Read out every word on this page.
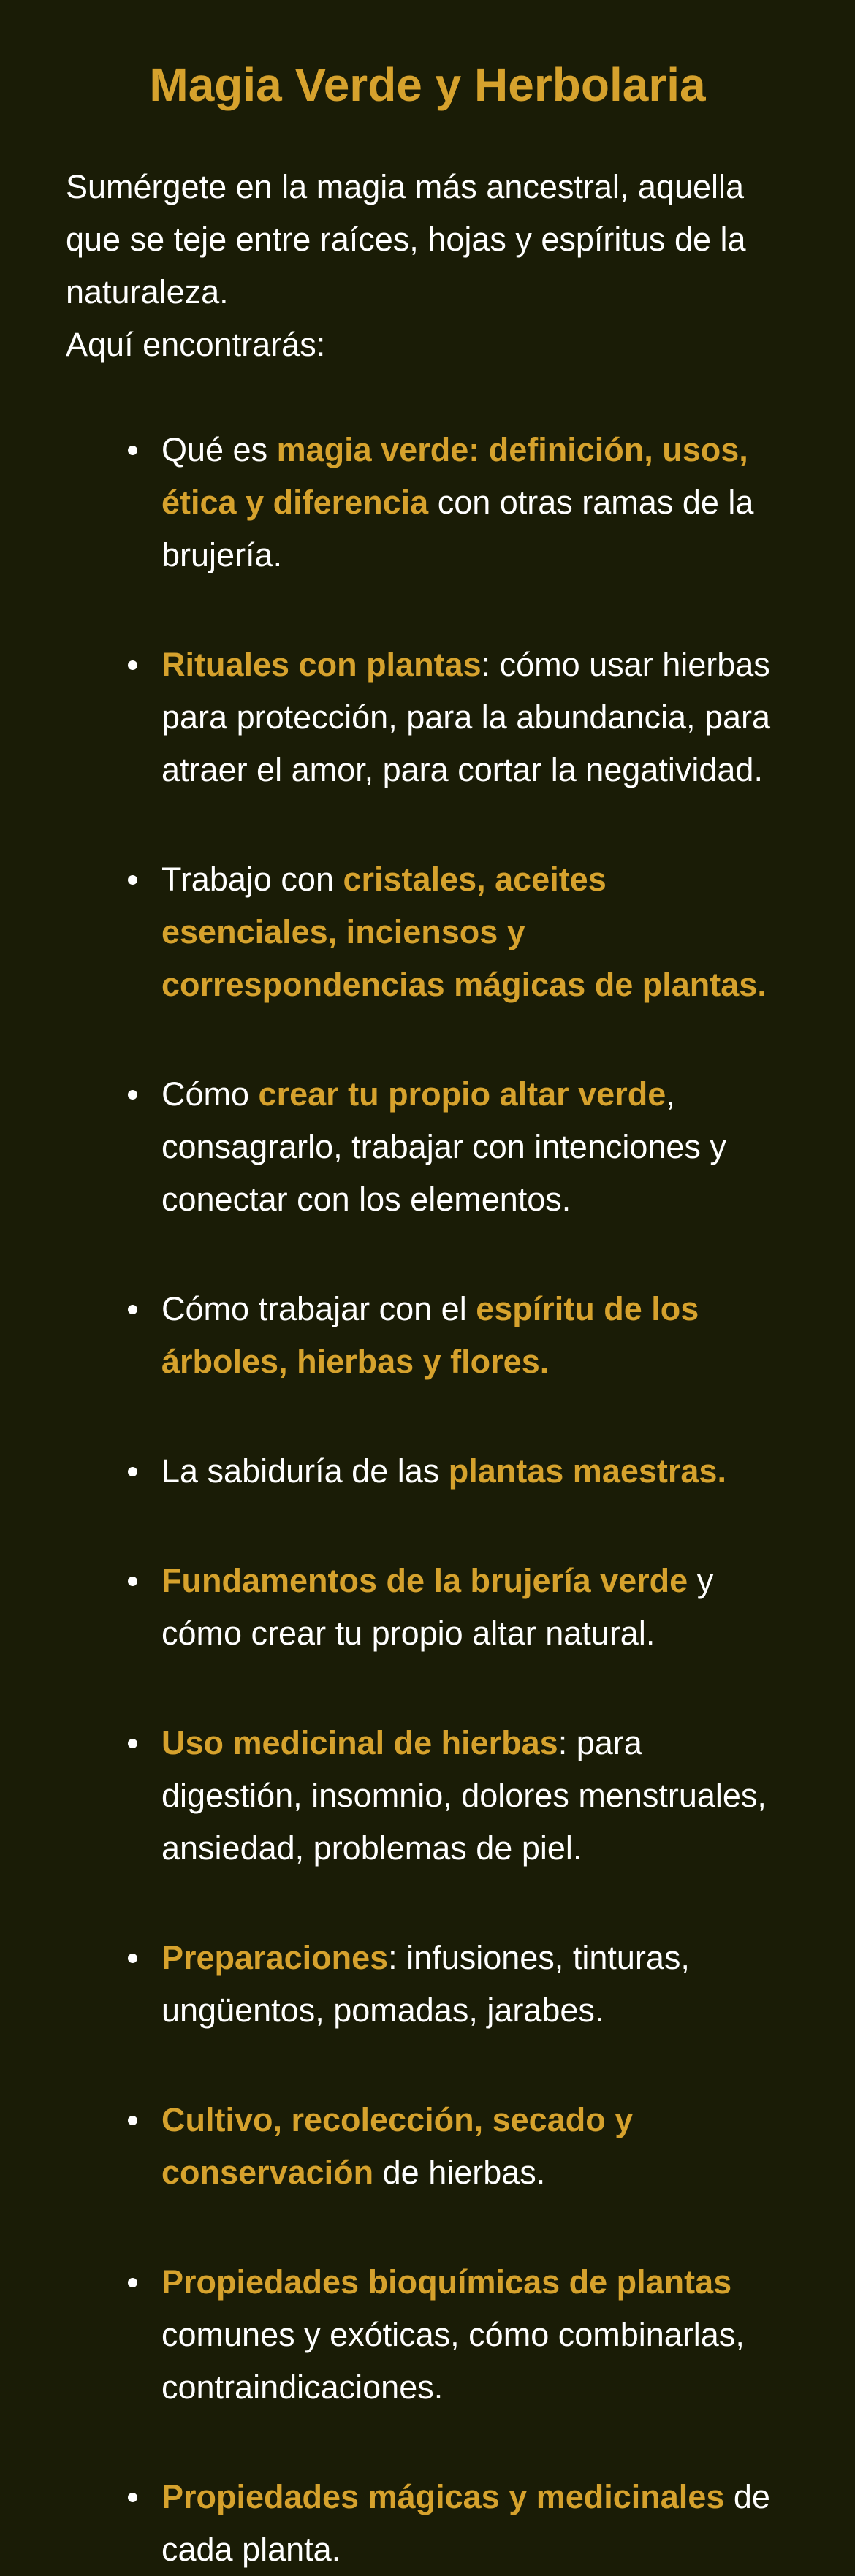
Magia Verde y Herbolaria

Sumérgete en la magia más ancestral, aquella que se teje entre raíces, hojas y espíritus de la naturaleza.

Aquí encontrarás:

Qué es magia verde: definición, usos, ética y diferencia con otras ramas de la brujería.
Rituales con plantas: cómo usar hierbas para protección, para la abundancia, para atraer el amor, para cortar la negatividad.
Trabajo con cristales, aceites esenciales, inciensos y correspondencias mágicas de plantas.
Cómo crear tu propio altar verde, consagrarlo, trabajar con intenciones y conectar con los elementos.
Cómo trabajar con el espíritu de los árboles, hierbas y flores.
La sabiduría de las plantas maestras.
Fundamentos de la brujería verde y cómo crear tu propio altar natural.
Uso medicinal de hierbas: para digestión, insomnio, dolores menstruales, ansiedad, problemas de piel.
Preparaciones: infusiones, tinturas, ungüentos, pomadas, jarabes.
Cultivo, recolección, secado y conservación de hierbas.
Propiedades bioquímicas de plantas comunes y exóticas, cómo combinarlas, contraindicaciones.
Propiedades mágicas y medicinales de cada planta.
